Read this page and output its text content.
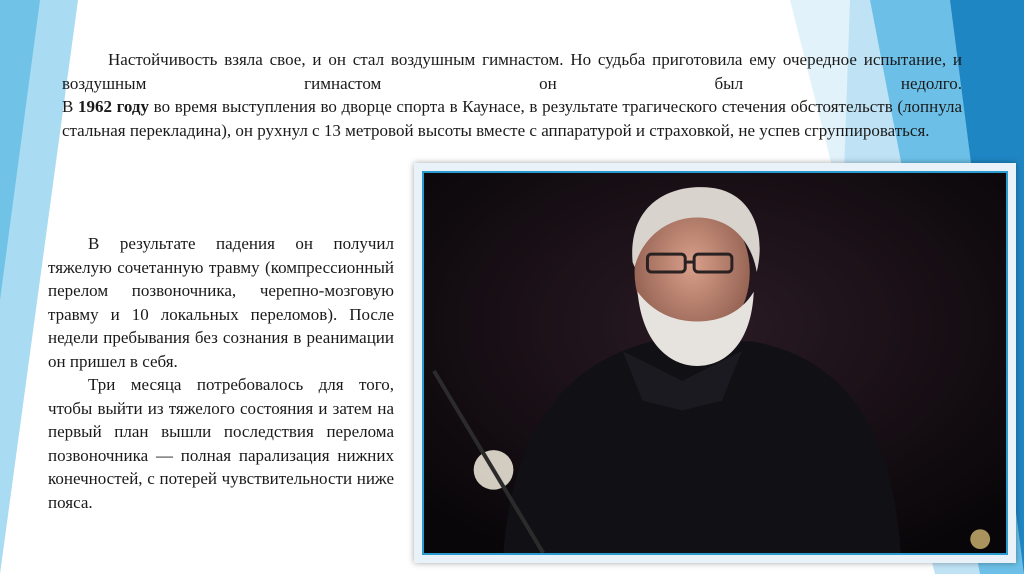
Настойчивость взяла свое, и он стал воздушным гимнастом. Но судьба приготовила ему очередное испытание, и воздушным гимнастом он был недолго.

В 1962 году во время выступления во дворце спорта в Каунасе, в результате трагического стечения обстоятельств (лопнула стальная перекладина), он рухнул с 13 метровой высоты вместе с аппаратурой и страховкой, не успев сгруппироваться.

В результате падения он получил тяжелую сочетанную травму (компрессионный перелом позвоночника, черепно-мозговую травму и 10 локальных переломов). После недели пребывания без сознания в реанимации он пришел в себя.

Три месяца потребовалось для того, чтобы выйти из тяжелого состояния и затем на первый план вышли последствия перелома позвоночника — полная парализация нижних конечностей, с потерей чувствительности ниже пояса.
